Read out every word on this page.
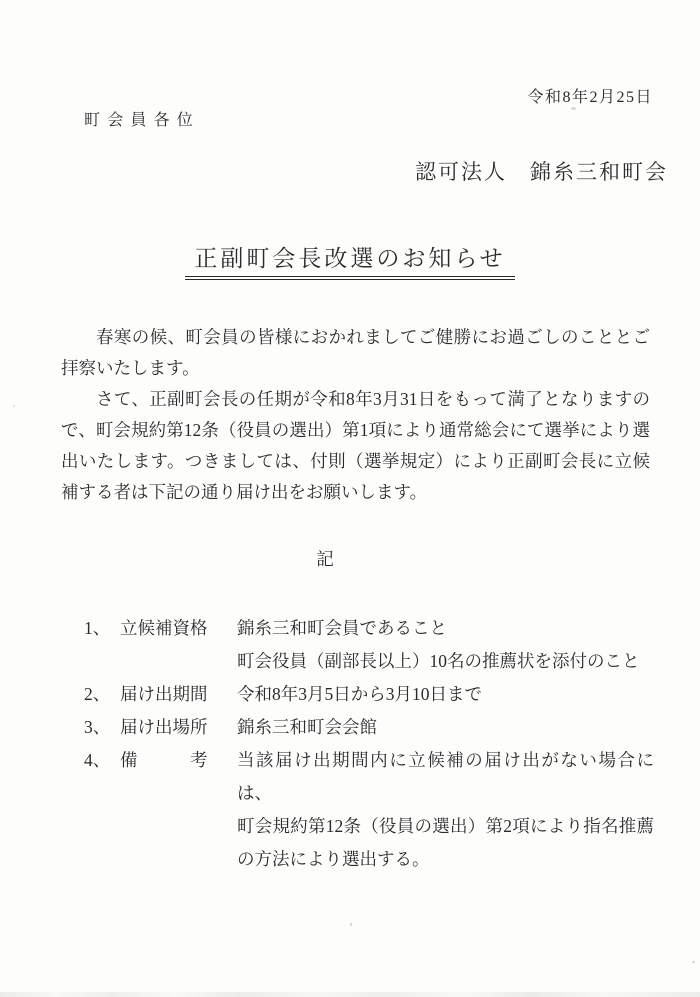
令和8年2月25日
町会員各位
認可法人　錦糸三和町会
正副町会長改選のお知らせ

春寒の候、町会員の皆様におかれましてご健勝にお過ごしのこととご拝察いたします。

さて、正副町会長の任期が令和8年3月31日をもって満了となりますので、町会規約第12条（役員の選出）第1項により通常総会にて選挙により選出いたします。つきましては、付則（選挙規定）により正副町会長に立候補する者は下記の通り届け出をお願いします。

記
1、 立候補資格	錦糸三和町会員であること
町会役員（副部長以上）10名の推薦状を添付のこと
2、 届け出期間	令和8年3月5日から3月10日まで
3、 届け出場所	錦糸三和町会会館
4、 備　　　考	当該届け出期間内に立候補の届け出がない場合には、
町会規約第12条（役員の選出）第2項により指名推薦の方法により選出する。
